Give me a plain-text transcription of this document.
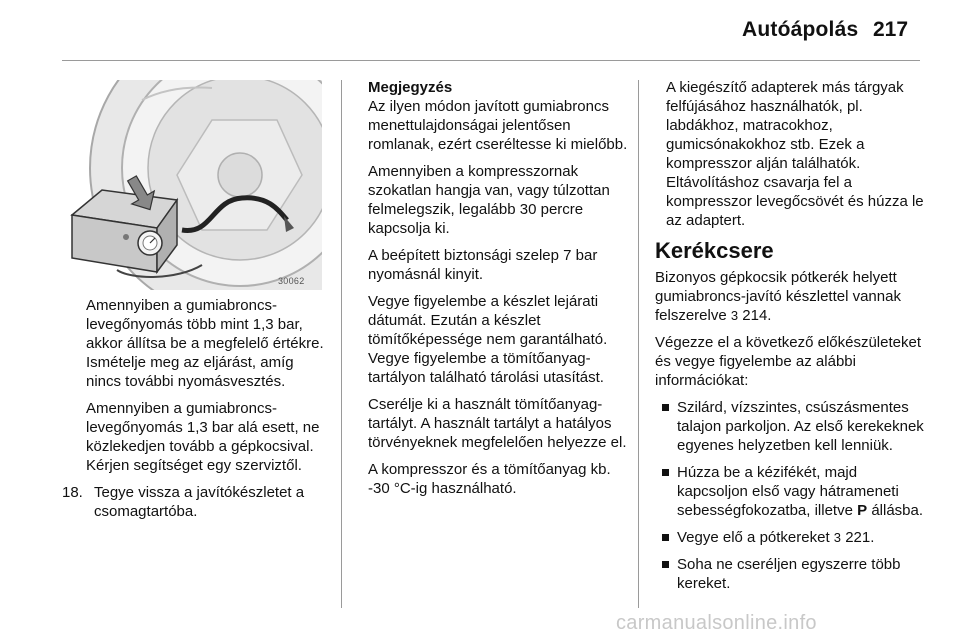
Autóápolás 217
30062

Amennyiben a gumiabroncs-levegőnyomás több mint 1,3 bar, akkor állítsa be a megfelelő értékre. Ismételje meg az eljárást, amíg nincs további nyomásvesztés.

Amennyiben a gumiabroncs-levegőnyomás 1,3 bar alá esett, ne közlekedjen tovább a gépkocsival. Kérjen segítséget egy szerviztől.

18. Tegye vissza a javítókészletet a csomagtartóba.

Megjegyzés

Az ilyen módon javított gumiabroncs menettulajdonságai jelentősen romlanak, ezért cseréltesse ki mielőbb.

Amennyiben a kompresszornak szokatlan hangja van, vagy túlzottan felmelegszik, legalább 30 percre kapcsolja ki.

A beépített biztonsági szelep 7 bar nyomásnál kinyit.

Vegye figyelembe a készlet lejárati dátumát. Ezután a készlet tömítőképessége nem garantálható. Vegye figyelembe a tömítőanyag-tartályon található tárolási utasítást.

Cserélje ki a használt tömítőanyag-tartályt. A használt tartályt a hatályos törvényeknek megfelelően helyezze el.

A kompresszor és a tömítőanyag kb. -30 °C-ig használható.

A kiegészítő adapterek más tárgyak felfújásához használhatók, pl. labdákhoz, matracokhoz, gumicsónakokhoz stb. Ezek a kompresszor alján találhatók. Eltávolításhoz csavarja fel a kompresszor levegőcsövét és húzza le az adaptert.

Kerékcsere

Bizonyos gépkocsik pótkerék helyett gumiabroncs-javító készlettel vannak felszerelve 3 214.

Végezze el a következő előkészületeket és vegye figyelembe az alábbi információkat:

Szilárd, vízszintes, csúszásmentes talajon parkoljon. Az első kerekeknek egyenes helyzetben kell lenniük.
Húzza be a kézifékét, majd kapcsoljon első vagy hátrameneti sebességfokozatba, illetve P állásba.
Vegye elő a pótkereket 3 221.
Soha ne cseréljen egyszerre több kereket.
carmanualsonline.info
